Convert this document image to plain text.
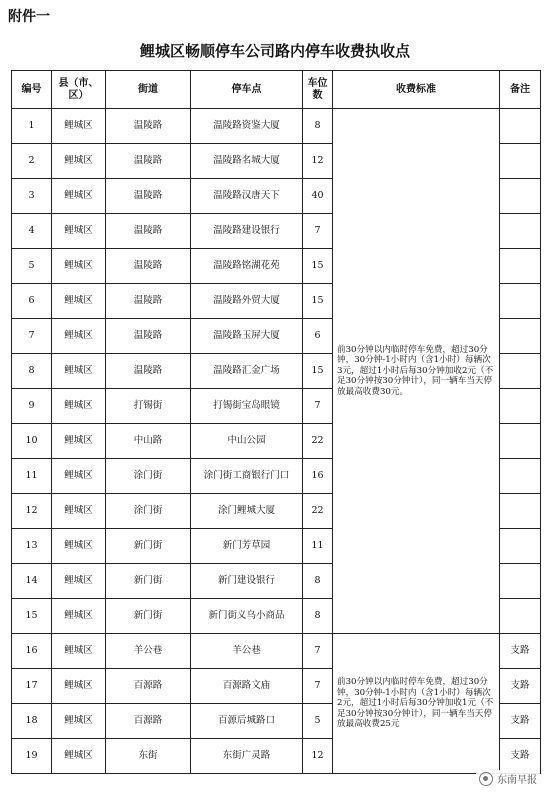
附件一
鲤城区畅顺停车公司路内停车收费执收点
编号	县（市、区）	街道	停车点	车位数	收费标准	备注
1	鲤城区	温陵路	温陵路资鉴大厦	8	前30分钟以内临时停车免费，超过30分钟，30分钟-1小时内（含1小时）每辆次3元，超过1小时后每30分钟加收2元（不足30分钟按30分钟计），同一辆车当天停放最高收费30元。	

2	鲤城区	温陵路	温陵路名城大厦	12		
3	鲤城区	温陵路	温陵路汉唐天下	40		
4	鲤城区	温陵路	温陵路建设银行	7		
5	鲤城区	温陵路	温陵路铭湖花苑	15		
6	鲤城区	温陵路	温陵路外贸大厦	15		
7	鲤城区	温陵路	温陵路玉屏大厦	6		
8	鲤城区	温陵路	温陵路汇金广场	15		
9	鲤城区	打锡街	打锡街宝岛眼镜	7		
10	鲤城区	中山路	中山公园	22		
11	鲤城区	涂门街	涂门街工商银行门口	16		
12	鲤城区	涂门街	涂门鲤城大厦	22		
13	鲤城区	新门街	新门芳草园	11		
14	鲤城区	新门街	新门建设银行	8		
15	鲤城区	新门街	新门街义乌小商品	8		
16	鲤城区	羊公巷	羊公巷	7	前30分钟以内临时停车免费，超过30分钟，30分钟-1小时内（含1小时）每辆次2元，超过1小时后每30分钟加收1元（不足30分钟按30分钟计），同一辆车当天停放最高收费25元	支路
17	鲤城区	百源路	百源路文庙	7		支路
18	鲤城区	百源路	百源后城路口	5		支路
19	鲤城区	东街	东街广灵路	12		支路
东南早报
